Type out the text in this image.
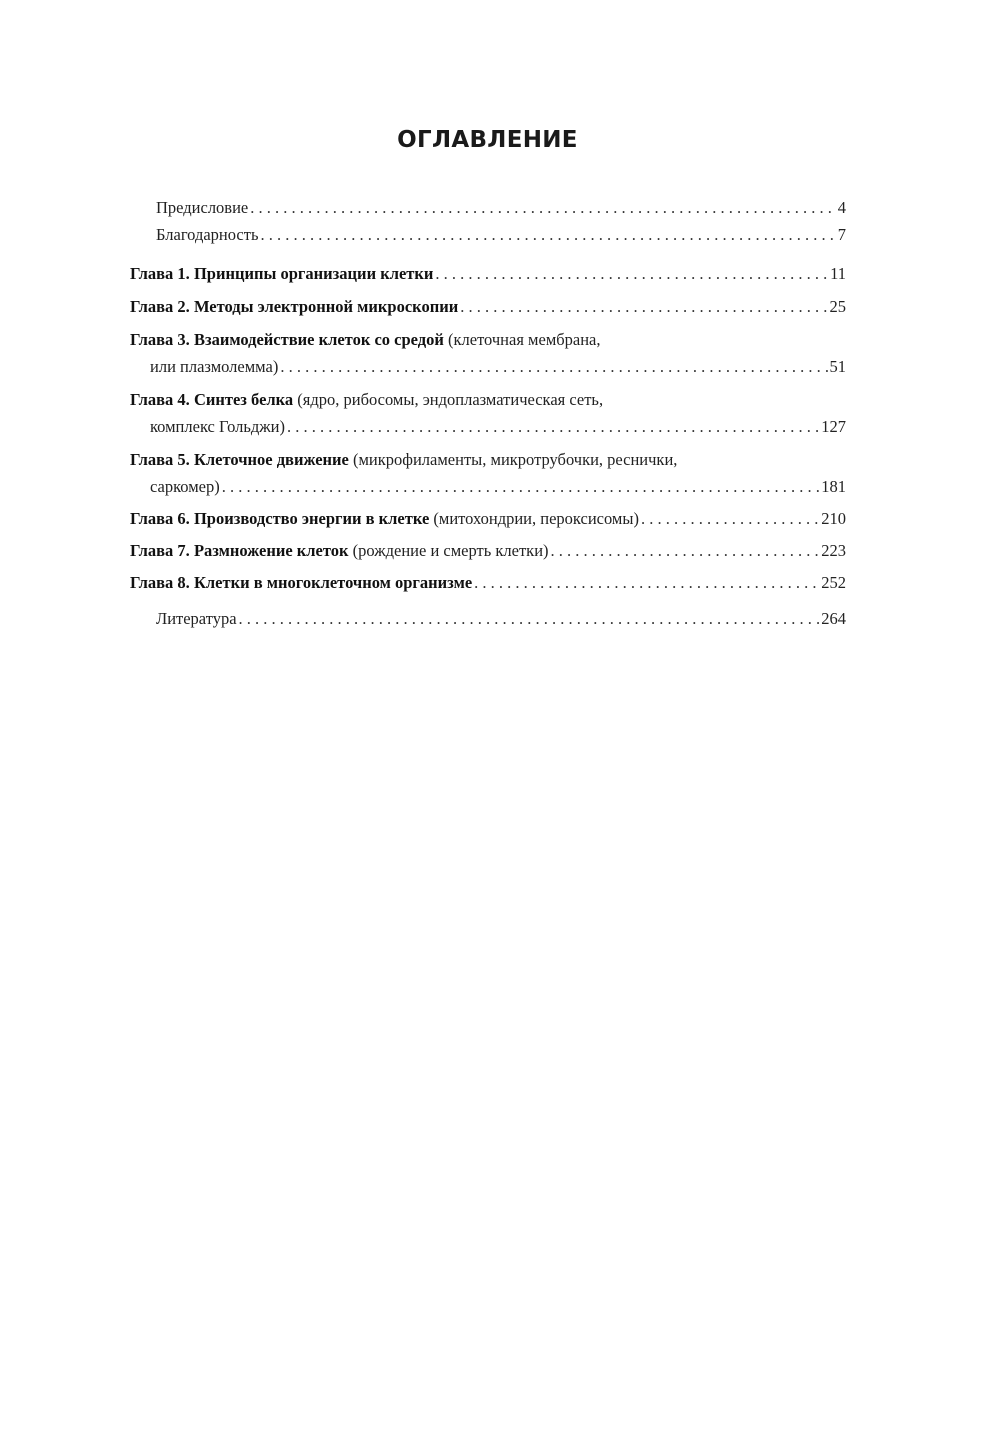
ОГЛАВЛЕНИЕ
Предисловие . . .	4
Благодарность . . .	7
Глава 1. Принципы организации клетки . . .	11
Глава 2. Методы электронной микроскопии . . .	25
Глава 3. Взаимодействие клеток со средой (клеточная мембрана,
или плазмолемма) . . .	51
Глава 4. Синтез белка (ядро, рибосомы, эндоплазматическая сеть,
комплекс Гольджи) . . .	127
Глава 5. Клеточное движение (микрофиламенты, микротрубочки, реснички,
саркомер) . . .	181
Глава 6. Производство энергии в клетке (митохондрии, пероксисомы) . . .	210
Глава 7. Размножение клеток (рождение и смерть клетки) . . .	223
Глава 8. Клетки в многоклеточном организме . . .	252
Литература . . .	264
